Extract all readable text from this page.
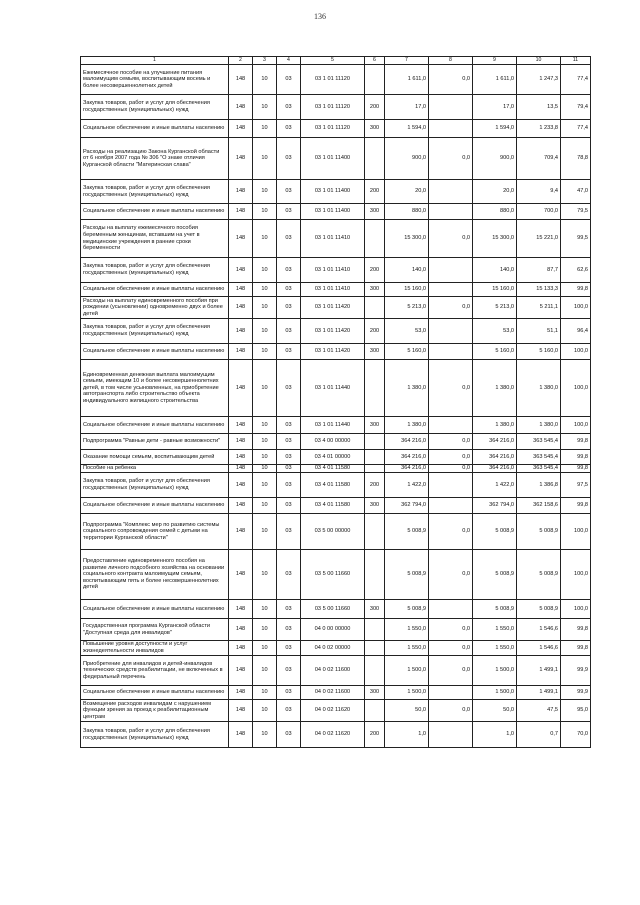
136
1	2	3	4	5	6	7	8	9	10	11
Ежемесячное пособие на улучшение питания малоимущим семьям, воспитывающим восемь и более несовершеннолетних детей	148	10	03	03 1 01 11120		1 611,0	0,0	1 611,0	1 247,3	77,4
Закупка товаров, работ и услуг для обеспечения государственных (муниципальных) нужд	148	10	03	03 1 01 11120	200	17,0		17,0	13,5	79,4
Социальное обеспечение и иные выплаты населению	148	10	03	03 1 01 11120	300	1 594,0		1 594,0	1 233,8	77,4
Расходы на реализацию Закона Курганской области от 6 ноября 2007 года № 306 "О знаке отличия Курганской области "Материнская слава"	148	10	03	03 1 01 11400		900,0	0,0	900,0	709,4	78,8
Закупка товаров, работ и услуг для обеспечения государственных (муниципальных) нужд	148	10	03	03 1 01 11400	200	20,0		20,0	9,4	47,0
Социальное обеспечение и иные выплаты населению	148	10	03	03 1 01 11400	300	880,0		880,0	700,0	79,5
Расходы на выплату ежемесячного пособия беременным женщинам, вставшим на учет в медицинские учреждения в ранние сроки беременности	148	10	03	03 1 01 11410		15 300,0	0,0	15 300,0	15 221,0	99,5
Закупка товаров, работ и услуг для обеспечения государственных (муниципальных) нужд	148	10	03	03 1 01 11410	200	140,0		140,0	87,7	62,6
Социальное обеспечение и иные выплаты населению	148	10	03	03 1 01 11410	300	15 160,0		15 160,0	15 133,3	99,8
Расходы на выплату единовременного пособия при рождении (усыновлении) одновременно двух и более детей	148	10	03	03 1 01 11420		5 213,0	0,0	5 213,0	5 211,1	100,0
Закупка товаров, работ и услуг для обеспечения государственных (муниципальных) нужд	148	10	03	03 1 01 11420	200	53,0		53,0	51,1	96,4
Социальное обеспечение и иные выплаты населению	148	10	03	03 1 01 11420	300	5 160,0		5 160,0	5 160,0	100,0
Единовременная денежная выплата малоимущим семьям, имеющим 10 и более несовершеннолетних детей, в том числе усыновленных, на приобретение автотранспорта либо строительство объекта индивидуального жилищного строительства	148	10	03	03 1 01 11440		1 380,0	0,0	1 380,0	1 380,0	100,0
Социальное обеспечение и иные выплаты населению	148	10	03	03 1 01 11440	300	1 380,0		1 380,0	1 380,0	100,0
Подпрограмма "Равные дети - равные возможности"	148	10	03	03 4 00 00000		364 216,0	0,0	364 216,0	363 545,4	99,8
Оказание помощи семьям, воспитывающим детей	148	10	03	03 4 01 00000		364 216,0	0,0	364 216,0	363 545,4	99,8
Пособие на ребенка	148	10	03	03 4 01 11580		364 216,0	0,0	364 216,0	363 545,4	99,8
Закупка товаров, работ и услуг для обеспечения государственных (муниципальных) нужд	148	10	03	03 4 01 11580	200	1 422,0		1 422,0	1 386,8	97,5
Социальное обеспечение и иные выплаты населению	148	10	03	03 4 01 11580	300	362 794,0		362 794,0	362 158,6	99,8
Подпрограмма "Комплекс мер по развитию системы социального сопровождения семей с детьми на территории Курганской области"	148	10	03	03 5 00 00000		5 008,9	0,0	5 008,9	5 008,9	100,0
Предоставление единовременного пособия на развитие личного подсобного хозяйства на основании социального контракта малоимущим семьям, воспитывающим пять и более несовершеннолетних детей	148	10	03	03 5 00 11660		5 008,9	0,0	5 008,9	5 008,9	100,0
Социальное обеспечение и иные выплаты населению	148	10	03	03 5 00 11660	300	5 008,9		5 008,9	5 008,9	100,0
Государственная программа Курганской области "Доступная среда для инвалидов"	148	10	03	04 0 00 00000		1 550,0	0,0	1 550,0	1 546,6	99,8
Повышение уровня доступности и услуг жизнедеятельности инвалидов	148	10	03	04 0 02 00000		1 550,0	0,0	1 550,0	1 546,6	99,8
Приобретение для инвалидов и детей-инвалидов технических средств реабилитации, не включенных в федеральный перечень	148	10	03	04 0 02 11600		1 500,0	0,0	1 500,0	1 499,1	99,9
Социальное обеспечение и иные выплаты населению	148	10	03	04 0 02 11600	300	1 500,0		1 500,0	1 499,1	99,9
Возмещение расходов инвалидам с нарушением функции зрения за проезд к реабилитационным центрам	148	10	03	04 0 02 11620		50,0	0,0	50,0	47,5	95,0
Закупка товаров, работ и услуг для обеспечения государственных (муниципальных) нужд	148	10	03	04 0 02 11620	200	1,0		1,0	0,7	70,0
